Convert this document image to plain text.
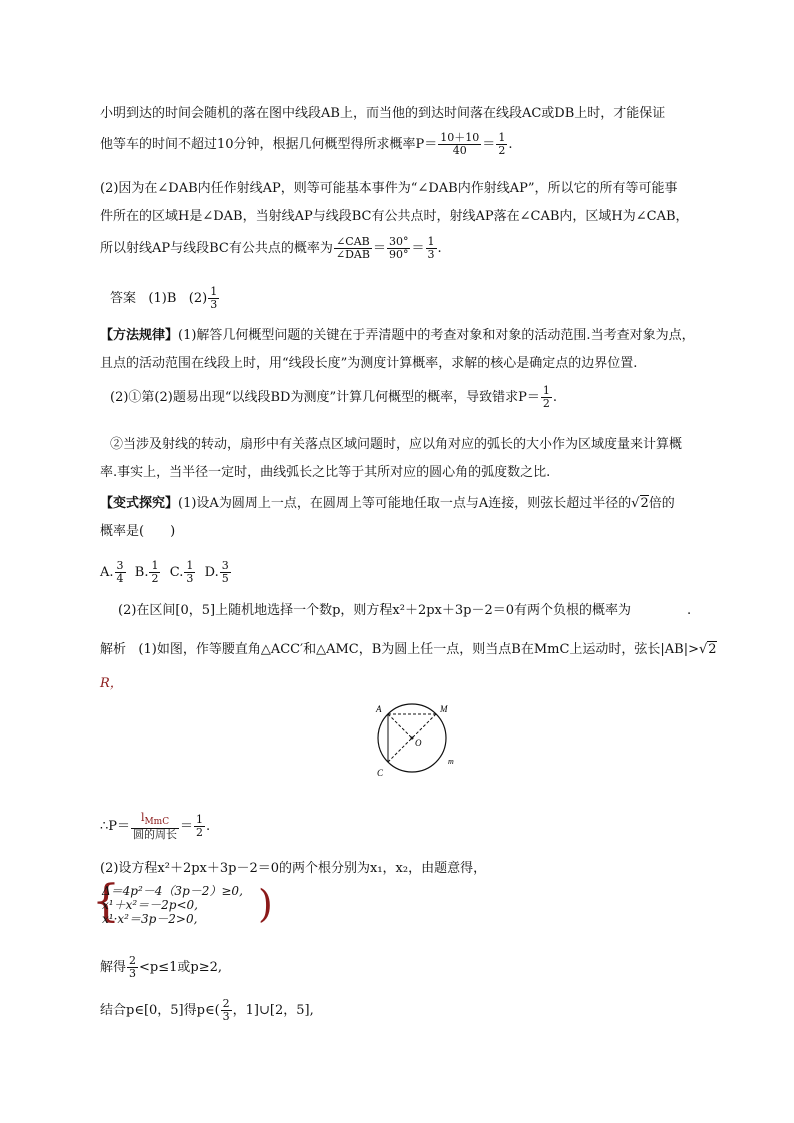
小明到达的时间会随机的落在图中线段AB上，而当他的到达时间落在线段AC或DB上时，才能保证
他等车的时间不超过10分钟，根据几何概型得所求概率$P= \frac{10+10}{40} = \frac{1}{2}$ .
(2)因为在∠DAB内任作射线AP，则等可能基本事件为“∠DAB内作射线AP”，所以它的所有等可能事
件所在的区域H是∠DAB，当射线AP与线段BC有公共点时，射线AP落在∠CAB内，区域H为∠CAB，
所以射线AP与线段BC有公共点的概率为 ∠CAB
∠DAB ＝ $\frac{30^\circ}{90^\circ} = \frac{1}{3}$ .
答案 (1)B $(2) \frac{1}{3}$
【方法规律】(1)解答几何概型问题的关键在于弄清题中的考查对象和对象的活动范围.当考查对象为点，
且点的活动范围在线段上时，用“线段长度”为测度计算概率，求解的核心是确定点的边界位置.
(2)①第(2)题易出现“以线段BD为测度”计算几何概型的概率，导致错求$P= \frac{1}{2}$ .
②当涉及射线的转动，扇形中有关落点区域问题时，应以角对应的弧长的大小作为区域度量来计算概
率.事实上，当半径一定时，曲线弧长之比等于其所对应的圆心角的弧度数之比.
【变式探究】(1)设A为圆周上一点，在圆周上等可能地任取一点与A连接，则弦长超过半径的√2倍的
概率是(　　)
A. $\frac{3}{4} B$. $\frac{1}{2} C$. $\frac{1}{3} D$. $\frac{3}{5}$
(2)在区间[0，5]上随机地选择一个数p，则方程x²＋2px＋3p－2＝0有两个负根的概率为	.
解析 (1)如图，作等腰直角△ACC′和△AMC，B为圆上任一点，则当点B在MmC上运动时，弦长|AB|>√2
R，
A	M
O
C
m
∴P＝
$l_{MmC}$
圆的周长
＝ $\frac{1}{2}$ .
(2)设方程x²＋2px＋3p－2＝0的两个根分别为x₁，x₂，由题意得，
{
Δ＝4p²－4（3p－2）≥0,
x¹＋x²＝－2p<0,
x¹·x²＝3p－2>0, )
解得 $\frac{2}{3} <p\le 1$或p≥2,
结合p∈[0，5]得p∈( $\frac{2}{3}$ ，1]∪[2，5],
